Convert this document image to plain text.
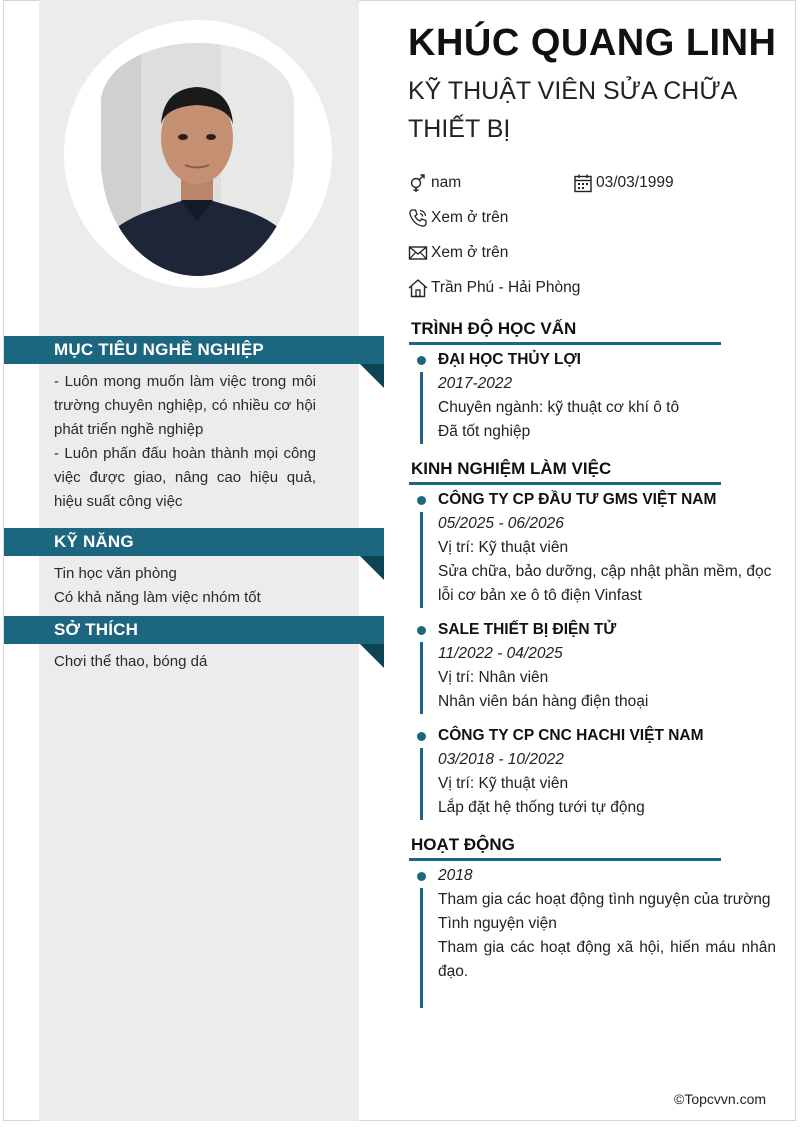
MỤC TIÊU NGHỀ NGHIỆP

- Luôn mong muốn làm việc trong môi trường chuyên nghiệp, có nhiều cơ hội phát triển nghề nghiệp

- Luôn phấn đấu hoàn thành mọi công việc được giao, nâng cao hiệu quả, hiệu suất công việc

KỸ NĂNG

Tin học văn phòng

Có khả năng làm việc nhóm tốt

SỞ THÍCH

Chơi thể thao, bóng dá

KHÚC QUANG LINH
KỸ THUẬT VIÊN SỬA CHỮA THIẾT BỊ
nam	03/03/1999
Xem ở trên
Xem ở trên
Trần Phú - Hải Phòng
TRÌNH ĐỘ HỌC VẤN

ĐẠI HỌC THỦY LỢI

2017-2022

Chuyên ngành: kỹ thuật cơ khí ô tô

Đã tốt nghiệp

KINH NGHIỆM LÀM VIỆC

CÔNG TY CP ĐẦU TƯ GMS VIỆT NAM

05/2025 - 06/2026

Vị trí: Kỹ thuật viên

Sửa chữa, bảo dưỡng, cập nhật phần mềm, đọc lỗi cơ bản xe ô tô điện Vinfast

SALE THIẾT BỊ ĐIỆN TỬ

11/2022 - 04/2025

Vị trí: Nhân viên

Nhân viên bán hàng điện thoại

CÔNG TY CP CNC HACHI VIỆT NAM

03/2018 - 10/2022

Vị trí: Kỹ thuật viên

Lắp đặt hệ thống tưới tự động

HOẠT ĐỘNG

2018

Tham gia các hoạt động tình nguyện của trường

Tình nguyện viện

Tham gia các hoạt động xã hội, hiến máu nhân đạo.

©Topcvvn.com
